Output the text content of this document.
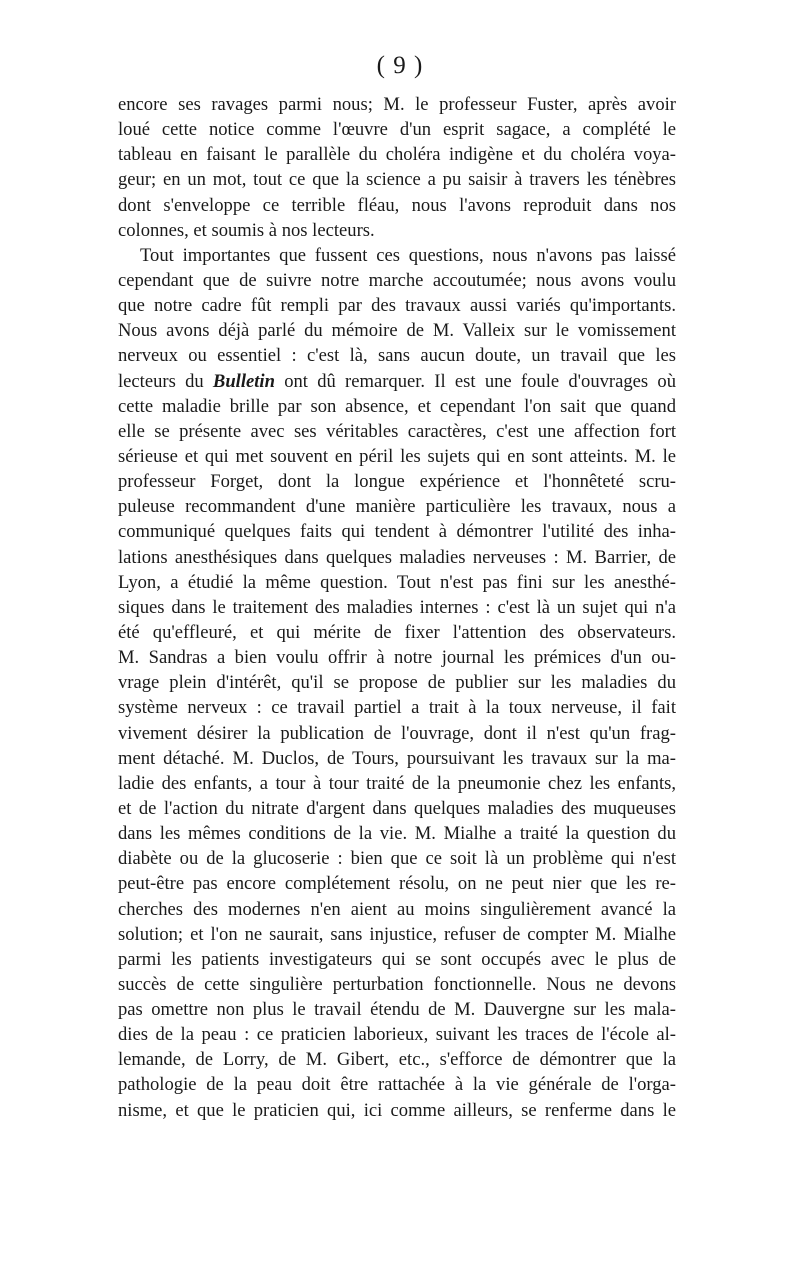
( 9 )
encore ses ravages parmi nous; M. le professeur Fuster, après avoir
loué cette notice comme l'œuvre d'un esprit sagace, a complété le
tableau en faisant le parallèle du choléra indigène et du choléra voya-
geur; en un mot, tout ce que la science a pu saisir à travers les ténèbres
dont s'enveloppe ce terrible fléau, nous l'avons reproduit dans nos
colonnes, et soumis à nos lecteurs.
Tout importantes que fussent ces questions, nous n'avons pas laissé
cependant que de suivre notre marche accoutumée; nous avons voulu
que notre cadre fût rempli par des travaux aussi variés qu'importants.
Nous avons déjà parlé du mémoire de M. Valleix sur le vomissement
nerveux ou essentiel : c'est là, sans aucun doute, un travail que les
lecteurs du Bulletin ont dû remarquer. Il est une foule d'ouvrages où
cette maladie brille par son absence, et cependant l'on sait que quand
elle se présente avec ses véritables caractères, c'est une affection fort
sérieuse et qui met souvent en péril les sujets qui en sont atteints. M. le
professeur Forget, dont la longue expérience et l'honnêteté scru-
puleuse recommandent d'une manière particulière les travaux, nous a
communiqué quelques faits qui tendent à démontrer l'utilité des inha-
lations anesthésiques dans quelques maladies nerveuses : M. Barrier, de
Lyon, a étudié la même question. Tout n'est pas fini sur les anesthé-
siques dans le traitement des maladies internes : c'est là un sujet qui n'a
été qu'effleuré, et qui mérite de fixer l'attention des observateurs.
M. Sandras a bien voulu offrir à notre journal les prémices d'un ou-
vrage plein d'intérêt, qu'il se propose de publier sur les maladies du
système nerveux : ce travail partiel a trait à la toux nerveuse, il fait
vivement désirer la publication de l'ouvrage, dont il n'est qu'un frag-
ment détaché. M. Duclos, de Tours, poursuivant les travaux sur la ma-
ladie des enfants, a tour à tour traité de la pneumonie chez les enfants,
et de l'action du nitrate d'argent dans quelques maladies des muqueuses
dans les mêmes conditions de la vie. M. Mialhe a traité la question du
diabète ou de la glucoserie : bien que ce soit là un problème qui n'est
peut-être pas encore complétement résolu, on ne peut nier que les re-
cherches des modernes n'en aient au moins singulièrement avancé la
solution; et l'on ne saurait, sans injustice, refuser de compter M. Mialhe
parmi les patients investigateurs qui se sont occupés avec le plus de
succès de cette singulière perturbation fonctionnelle. Nous ne devons
pas omettre non plus le travail étendu de M. Dauvergne sur les mala-
dies de la peau : ce praticien laborieux, suivant les traces de l'école al-
lemande, de Lorry, de M. Gibert, etc., s'efforce de démontrer que la
pathologie de la peau doit être rattachée à la vie générale de l'orga-
nisme, et que le praticien qui, ici comme ailleurs, se renferme dans le
